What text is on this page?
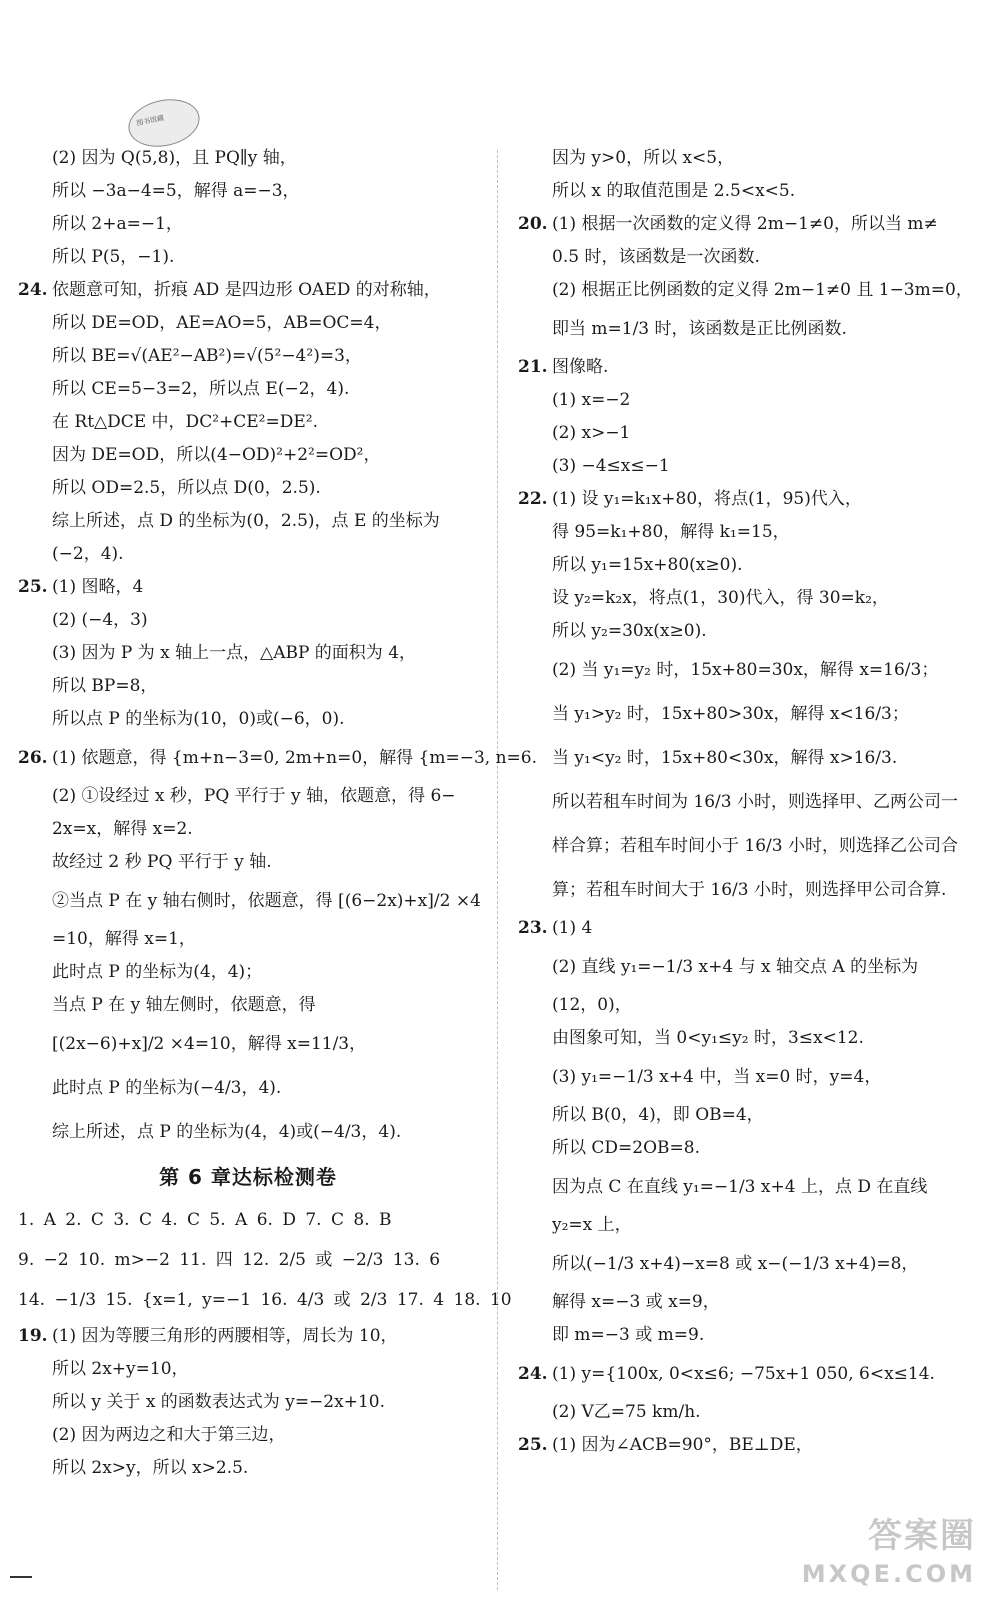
图书馆藏
(2) 因为 Q(5,8)，且 PQ∥y 轴，
所以 −3a−4=5，解得 a=−3，
所以 2+a=−1，
所以 P(5，−1).
24. 依题意可知，折痕 AD 是四边形 OAED 的对称轴，
所以 DE=OD，AE=AO=5，AB=OC=4，
所以 BE=√(AE²−AB²)=√(5²−4²)=3，
所以 CE=5−3=2，所以点 E(−2，4).
在 Rt△DCE 中，DC²+CE²=DE².
因为 DE=OD，所以(4−OD)²+2²=OD²，
所以 OD=2.5，所以点 D(0，2.5).
综上所述，点 D 的坐标为(0，2.5)，点 E 的坐标为
(−2，4).
25. (1) 图略，4
(2) (−4，3)
(3) 因为 P 为 x 轴上一点，△ABP 的面积为 4，
所以 BP=8，
所以点 P 的坐标为(10，0)或(−6，0).
26. (1) 依题意，得 {m+n−3=0, 2m+n=0，解得 {m=−3, n=6.
(2) ①设经过 x 秒，PQ 平行于 y 轴，依题意，得 6−
2x=x，解得 x=2.
故经过 2 秒 PQ 平行于 y 轴.
②当点 P 在 y 轴右侧时，依题意，得 [(6−2x)+x]/2 ×4
=10，解得 x=1，
此时点 P 的坐标为(4，4)；
当点 P 在 y 轴左侧时，依题意，得
[(2x−6)+x]/2 ×4=10，解得 x=11/3，
此时点 P 的坐标为(−4/3，4).
综上所述，点 P 的坐标为(4，4)或(−4/3，4).
第 6 章达标检测卷
1. A 2. C 3. C 4. C 5. A 6. D 7. C 8. B
9. −2 10. m>−2 11. 四 12. 2/5 或 −2/3 13. 6
14. −1/3 15. {x=1, y=−1 16. 4/3 或 2/3 17. 4 18. 10
19. (1) 因为等腰三角形的两腰相等，周长为 10，
所以 2x+y=10，
所以 y 关于 x 的函数表达式为 y=−2x+10.
(2) 因为两边之和大于第三边，
所以 2x>y，所以 x>2.5.
因为 y>0，所以 x<5，
所以 x 的取值范围是 2.5<x<5.
20. (1) 根据一次函数的定义得 2m−1≠0，所以当 m≠
0.5 时，该函数是一次函数.
(2) 根据正比例函数的定义得 2m−1≠0 且 1−3m=0，
即当 m=1/3 时，该函数是正比例函数.
21. 图像略.
(1) x=−2
(2) x>−1
(3) −4≤x≤−1
22. (1) 设 y₁=k₁x+80，将点(1，95)代入，
得 95=k₁+80，解得 k₁=15，
所以 y₁=15x+80(x≥0).
设 y₂=k₂x，将点(1，30)代入，得 30=k₂，
所以 y₂=30x(x≥0).
(2) 当 y₁=y₂ 时，15x+80=30x，解得 x=16/3；
当 y₁>y₂ 时，15x+80>30x，解得 x<16/3；
当 y₁<y₂ 时，15x+80<30x，解得 x>16/3.
所以若租车时间为 16/3 小时，则选择甲、乙两公司一
样合算；若租车时间小于 16/3 小时，则选择乙公司合
算；若租车时间大于 16/3 小时，则选择甲公司合算.
23. (1) 4
(2) 直线 y₁=−1/3 x+4 与 x 轴交点 A 的坐标为
(12，0)，
由图象可知，当 0<y₁≤y₂ 时，3≤x<12.
(3) y₁=−1/3 x+4 中，当 x=0 时，y=4，
所以 B(0，4)，即 OB=4，
所以 CD=2OB=8.
因为点 C 在直线 y₁=−1/3 x+4 上，点 D 在直线
y₂=x 上，
所以(−1/3 x+4)−x=8 或 x−(−1/3 x+4)=8，
解得 x=−3 或 x=9，
即 m=−3 或 m=9.
24. (1) y={100x, 0<x≤6; −75x+1 050, 6<x≤14.
(2) V乙=75 km/h.
25. (1) 因为∠ACB=90°，BE⊥DE，
答案圈
MXQE.COM
